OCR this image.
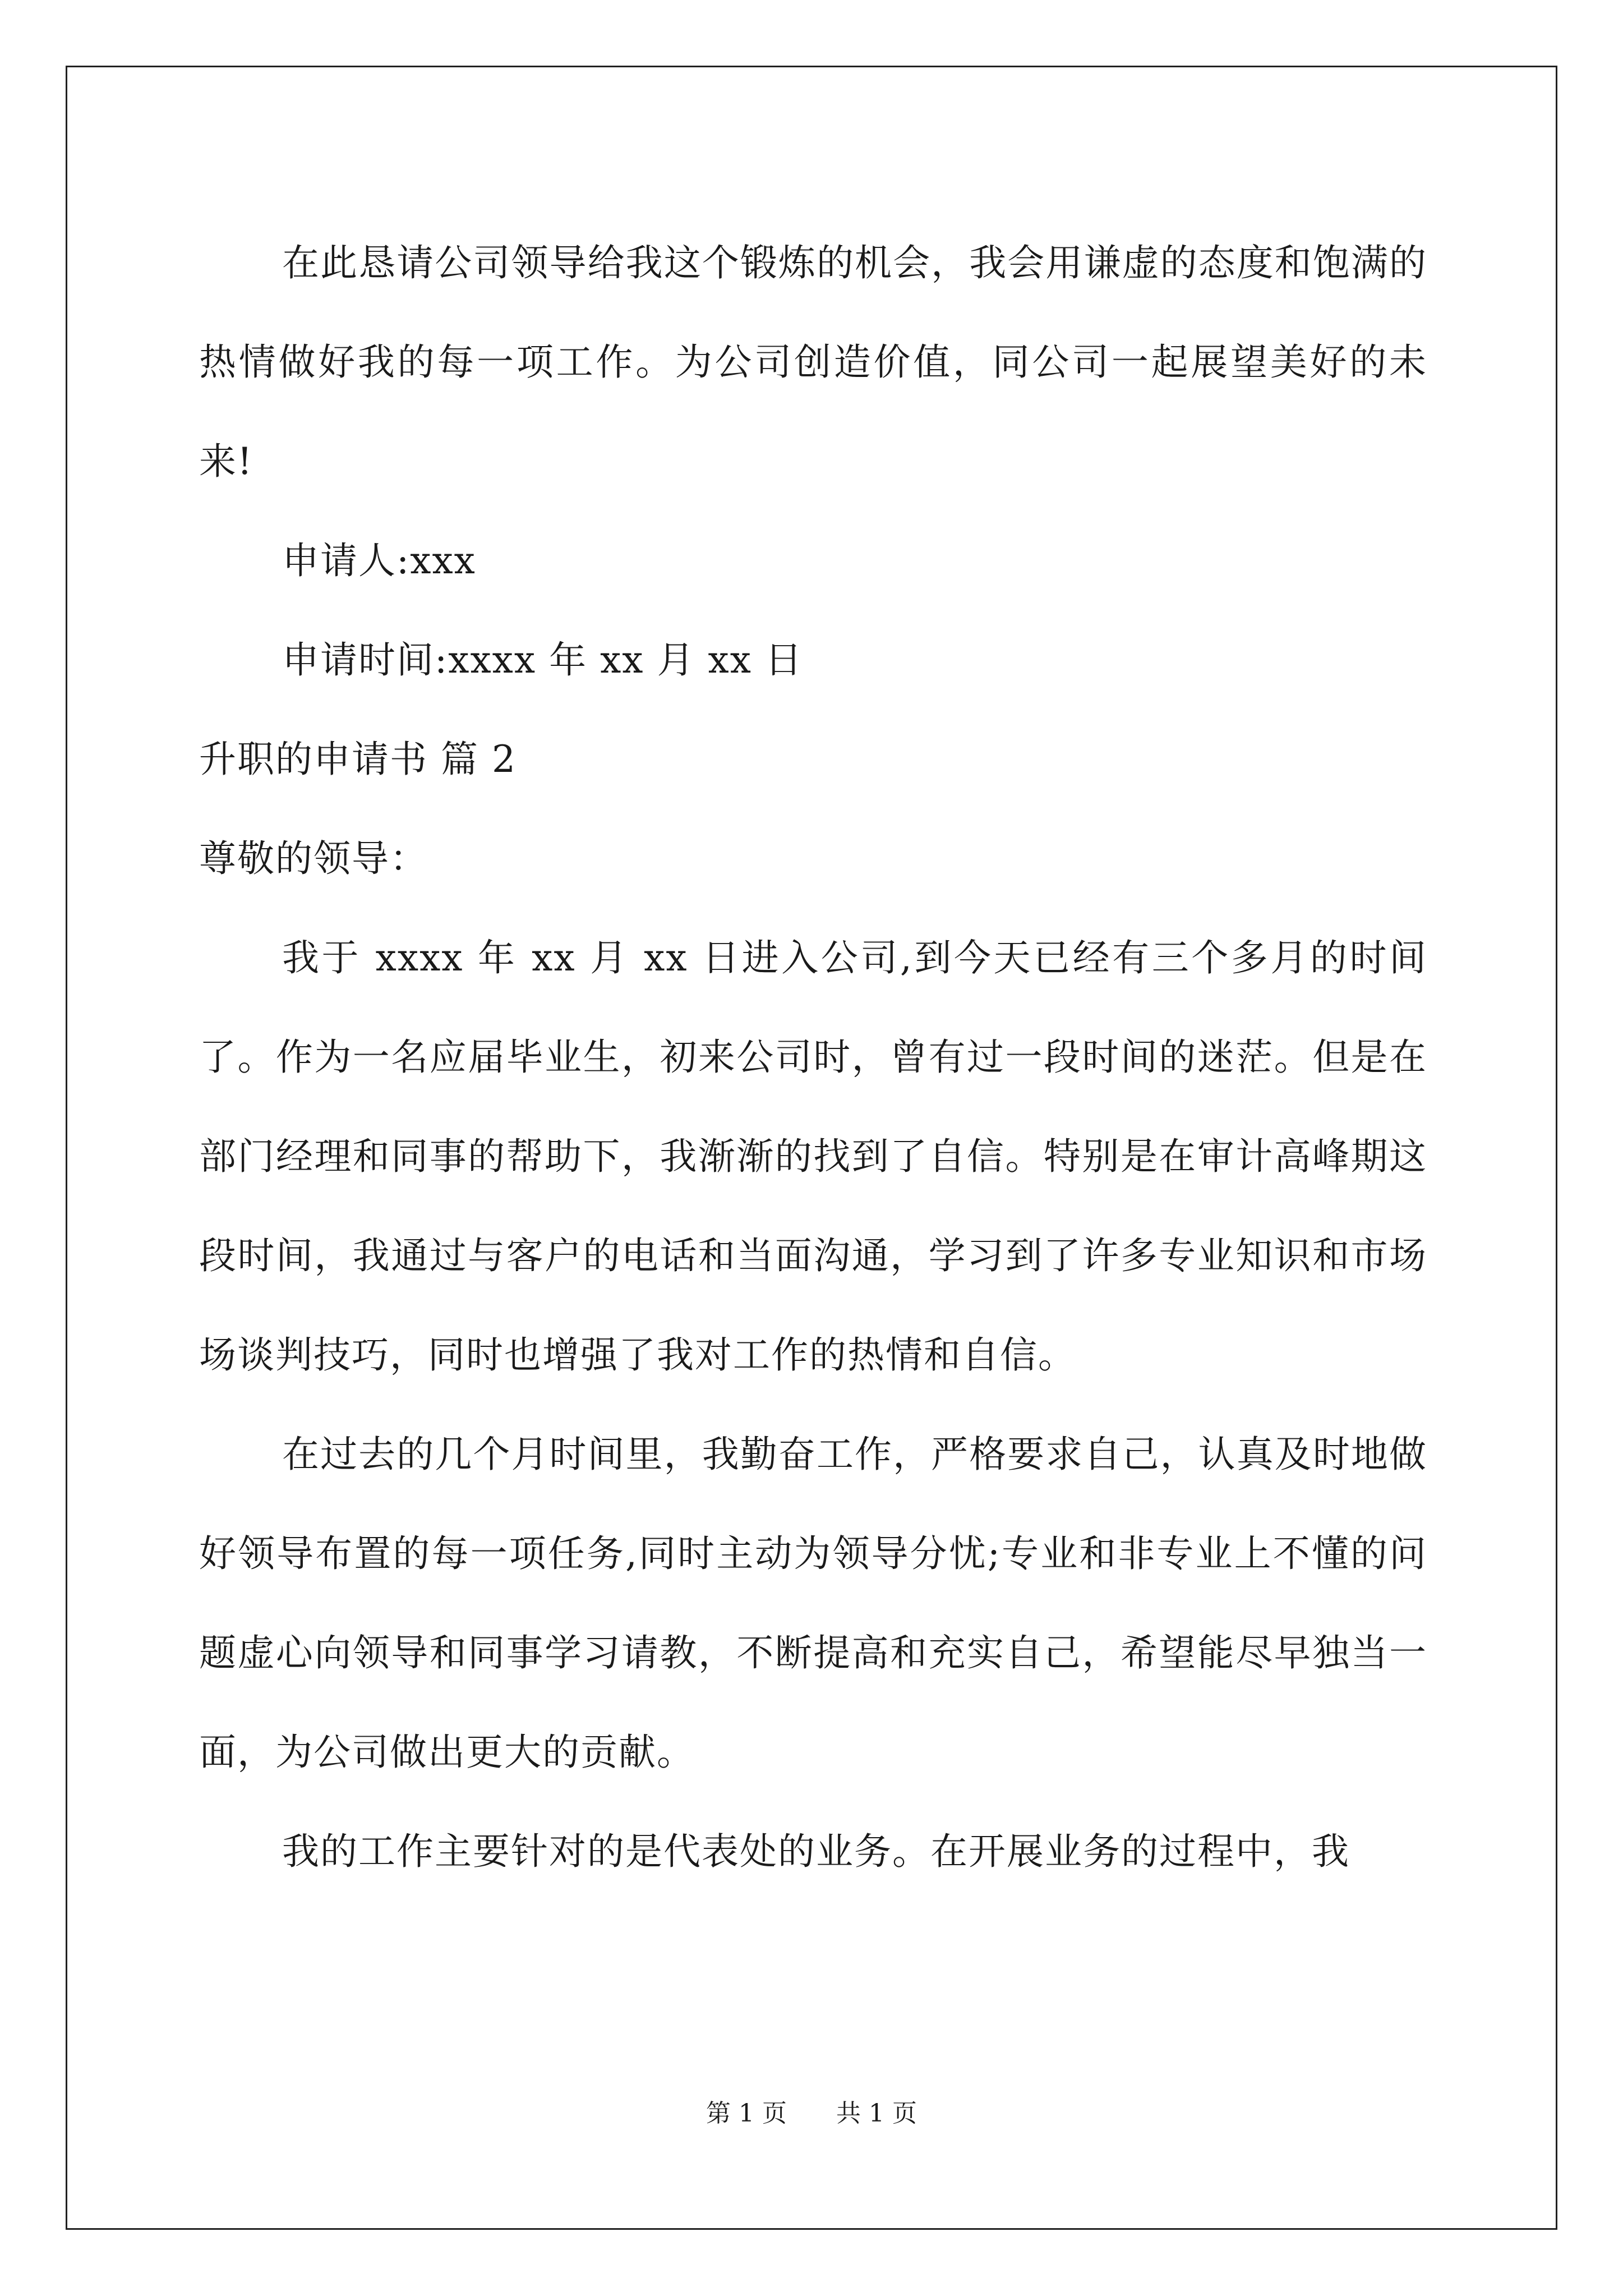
在此恳请公司领导给我这个锻炼的机会，我会用谦虚的态度和饱满的热情做好我的每一项工作。为公司创造价值，同公司一起展望美好的未来!

申请人:xxx

申请时间:xxxx 年 xx 月 xx 日

升职的申请书 篇 2

尊敬的领导：

我于 xxxx 年 xx 月 xx 日进入公司,到今天已经有三个多月的时间了。作为一名应届毕业生，初来公司时，曾有过一段时间的迷茫。但是在部门经理和同事的帮助下，我渐渐的找到了自信。特别是在审计高峰期这段时间，我通过与客户的电话和当面沟通，学习到了许多专业知识和市场场谈判技巧，同时也增强了我对工作的热情和自信。

在过去的几个月时间里，我勤奋工作，严格要求自己，认真及时地做好领导布置的每一项任务,同时主动为领导分忧;专业和非专业上不懂的问题虚心向领导和同事学习请教，不断提高和充实自己，希望能尽早独当一面，为公司做出更大的贡献。

我的工作主要针对的是代表处的业务。在开展业务的过程中，我

第 1 页 共 1 页
